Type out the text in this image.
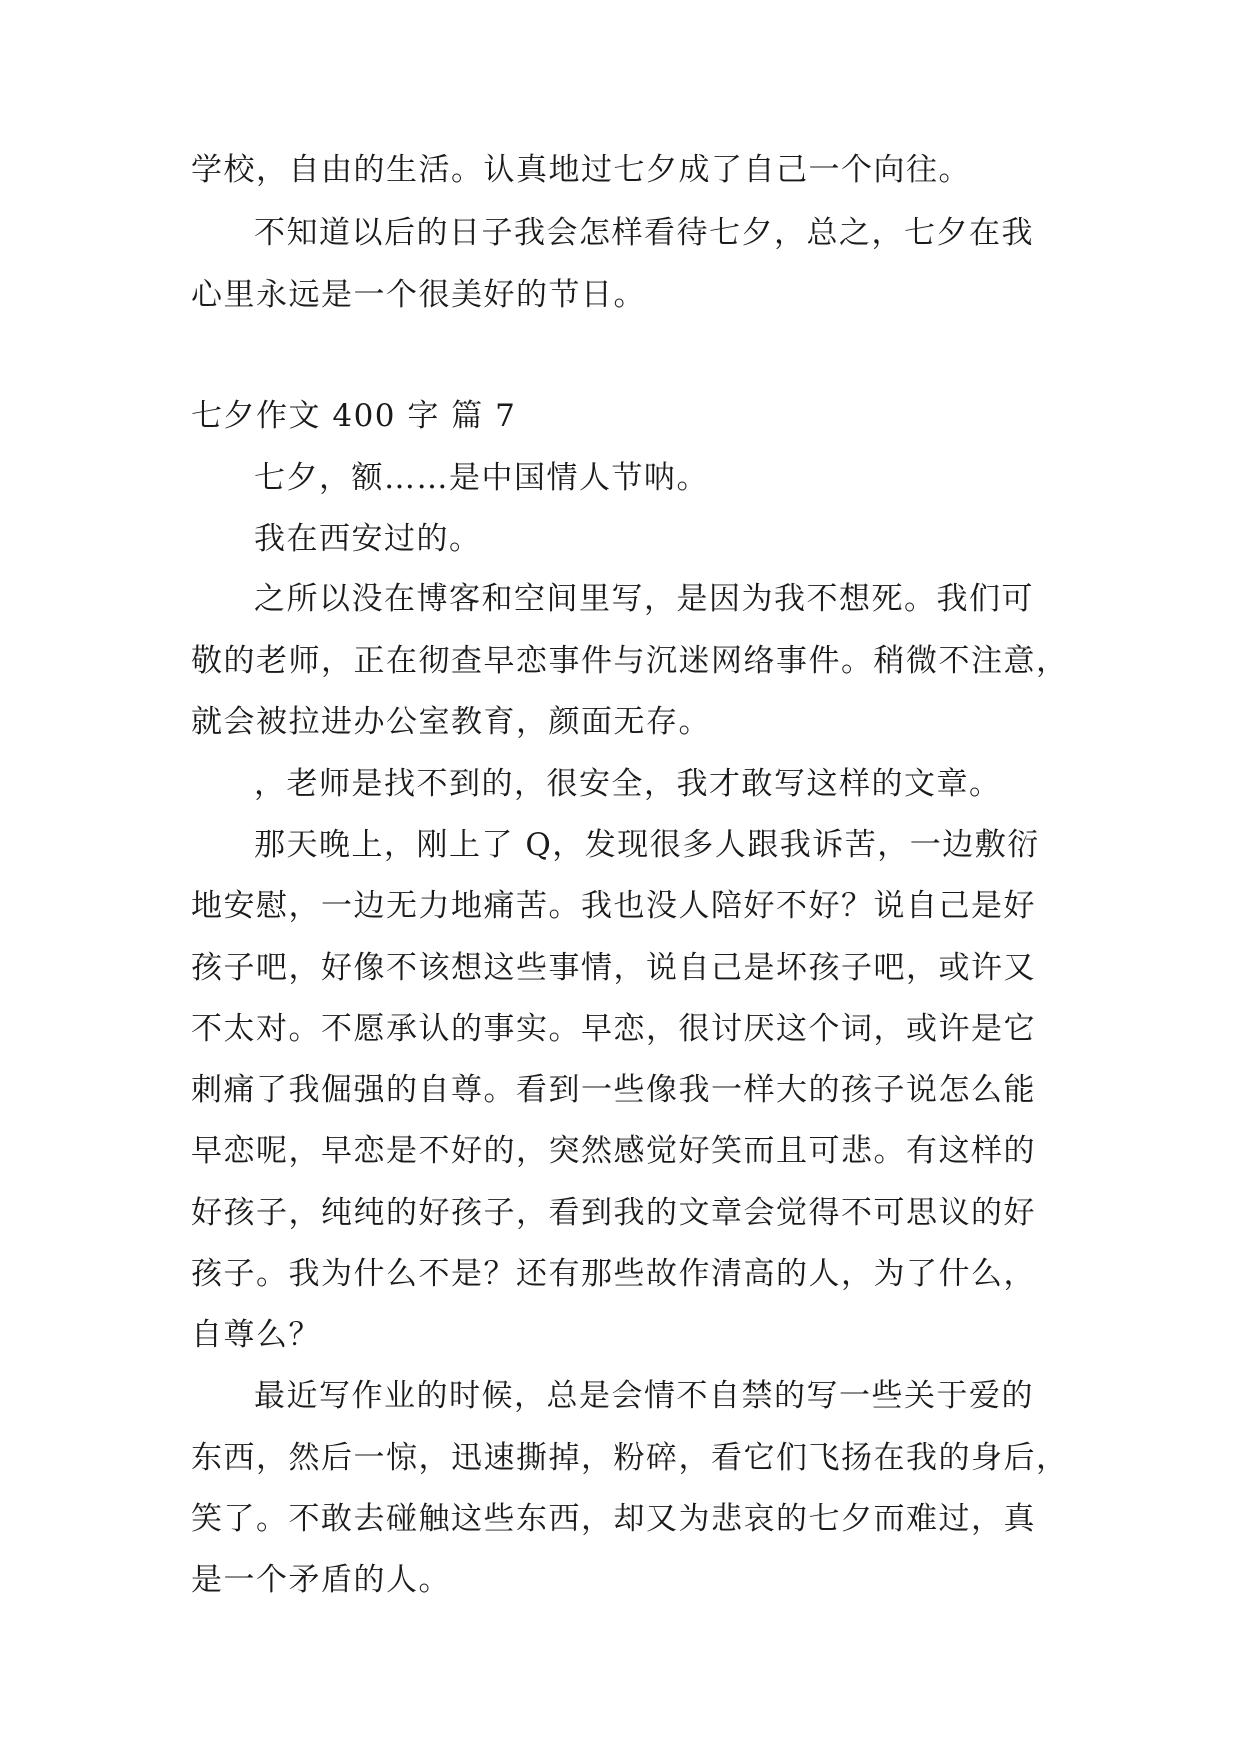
学校，自由的生活。认真地过七夕成了自己一个向往。

不知道以后的日子我会怎样看待七夕，总之，七夕在我

心里永远是一个很美好的节日。

七夕作文 400 字 篇 7

七夕，额……是中国情人节呐。

我在西安过的。

之所以没在博客和空间里写，是因为我不想死。我们可

敬的老师，正在彻查早恋事件与沉迷网络事件。稍微不注意，

就会被拉进办公室教育，颜面无存。

，老师是找不到的，很安全，我才敢写这样的文章。

那天晚上，刚上了 Q，发现很多人跟我诉苦，一边敷衍

地安慰，一边无力地痛苦。我也没人陪好不好？说自己是好

孩子吧，好像不该想这些事情，说自己是坏孩子吧，或许又

不太对。不愿承认的事实。早恋，很讨厌这个词，或许是它

刺痛了我倔强的自尊。看到一些像我一样大的孩子说怎么能

早恋呢，早恋是不好的，突然感觉好笑而且可悲。有这样的

好孩子，纯纯的好孩子，看到我的文章会觉得不可思议的好

孩子。我为什么不是？还有那些故作清高的人，为了什么，

自尊么？

最近写作业的时候，总是会情不自禁的写一些关于爱的

东西，然后一惊，迅速撕掉，粉碎，看它们飞扬在我的身后，

笑了。不敢去碰触这些东西，却又为悲哀的七夕而难过，真

是一个矛盾的人。
